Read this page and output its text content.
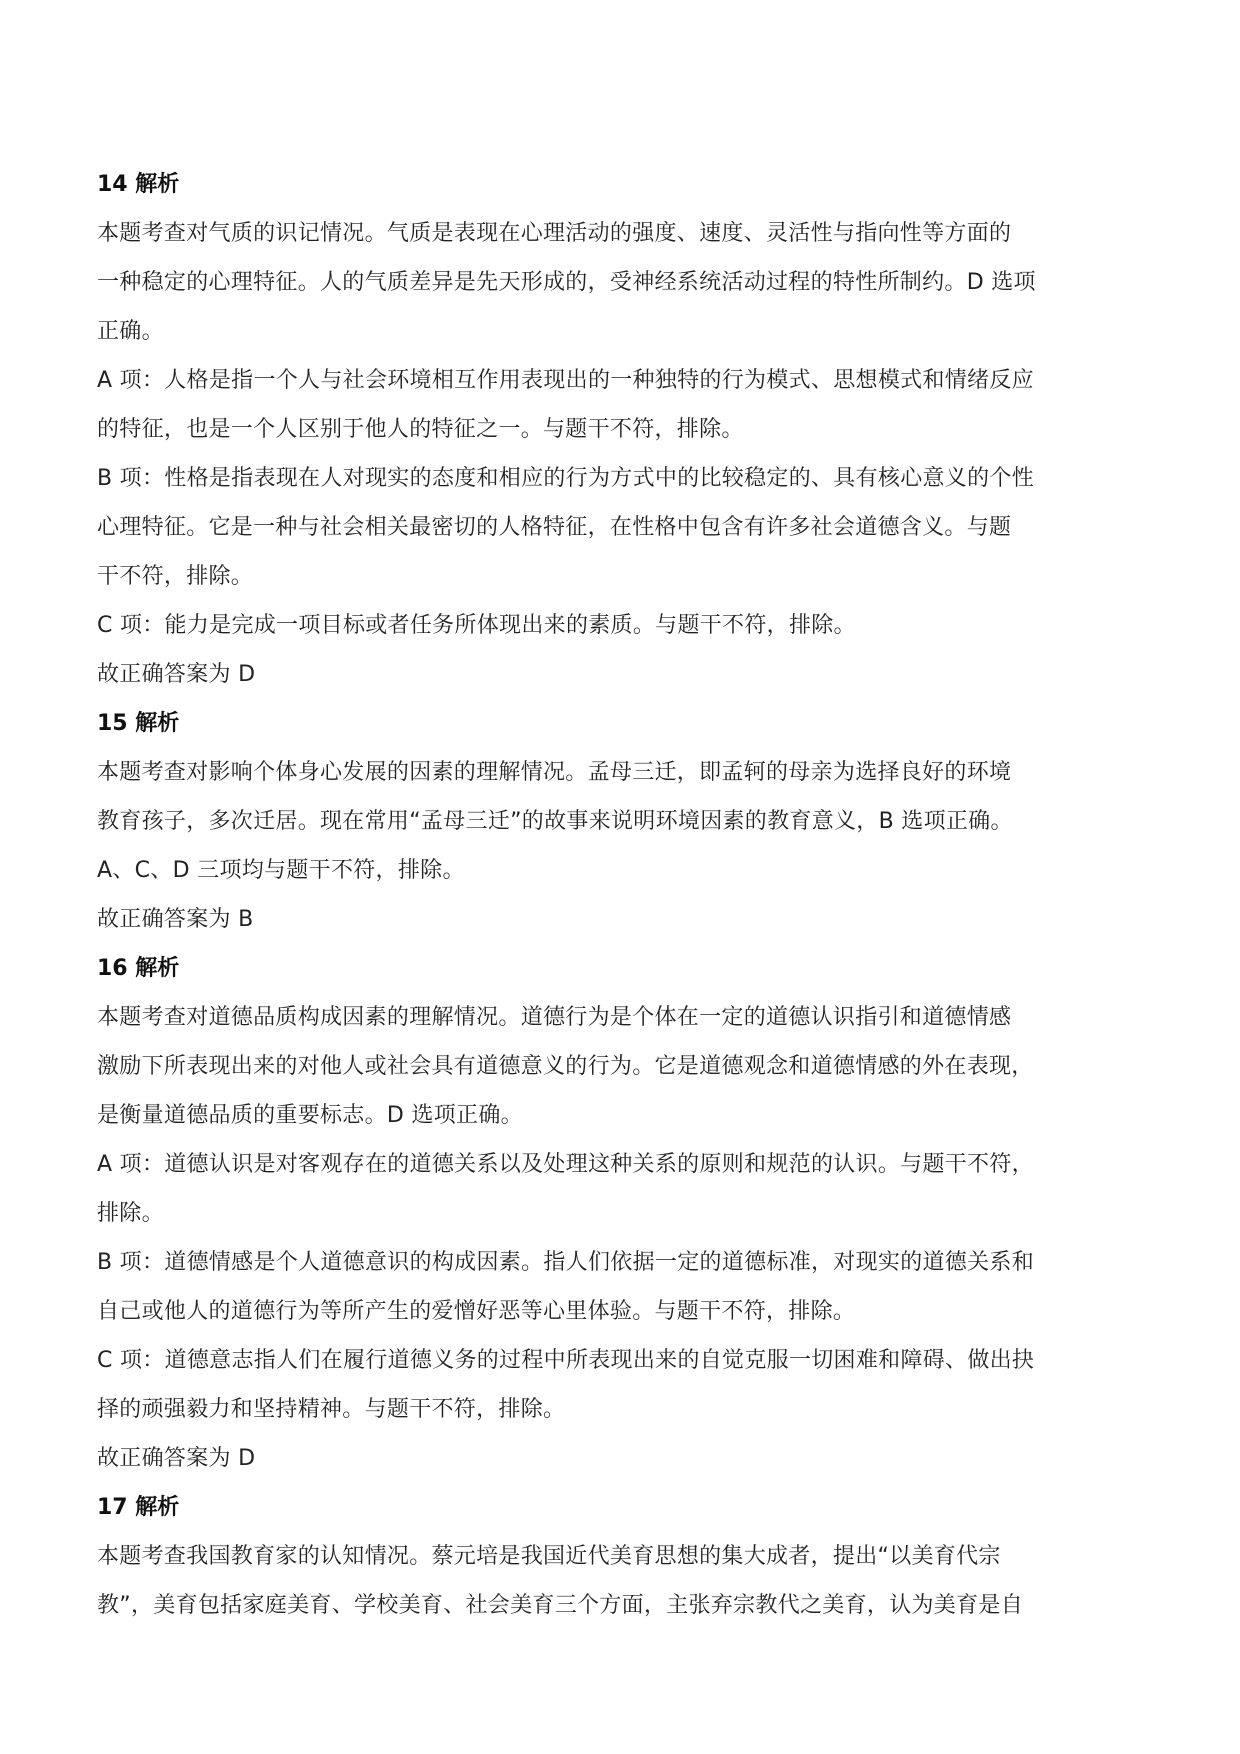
14 解析
本题考查对气质的识记情况。气质是表现在心理活动的强度、速度、灵活性与指向性等方面的
一种稳定的心理特征。人的气质差异是先天形成的，受神经系统活动过程的特性所制约。D 选项
正确。
A 项：人格是指一个人与社会环境相互作用表现出的一种独特的行为模式、思想模式和情绪反应
的特征，也是一个人区别于他人的特征之一。与题干不符，排除。
B 项：性格是指表现在人对现实的态度和相应的行为方式中的比较稳定的、具有核心意义的个性
心理特征。它是一种与社会相关最密切的人格特征，在性格中包含有许多社会道德含义。与题
干不符，排除。
C 项：能力是完成一项目标或者任务所体现出来的素质。与题干不符，排除。
故正确答案为 D
15 解析
本题考查对影响个体身心发展的因素的理解情况。孟母三迁，即孟轲的母亲为选择良好的环境
教育孩子，多次迁居。现在常用“孟母三迁”的故事来说明环境因素的教育意义，B 选项正确。
A、C、D 三项均与题干不符，排除。
故正确答案为 B
16 解析
本题考查对道德品质构成因素的理解情况。道德行为是个体在一定的道德认识指引和道德情感
激励下所表现出来的对他人或社会具有道德意义的行为。它是道德观念和道德情感的外在表现，
是衡量道德品质的重要标志。D 选项正确。
A 项：道德认识是对客观存在的道德关系以及处理这种关系的原则和规范的认识。与题干不符，
排除。
B 项：道德情感是个人道德意识的构成因素。指人们依据一定的道德标准，对现实的道德关系和
自己或他人的道德行为等所产生的爱憎好恶等心里体验。与题干不符，排除。
C 项：道德意志指人们在履行道德义务的过程中所表现出来的自觉克服一切困难和障碍、做出抉
择的顽强毅力和坚持精神。与题干不符，排除。
故正确答案为 D
17 解析
本题考查我国教育家的认知情况。蔡元培是我国近代美育思想的集大成者，提出“以美育代宗
教”，美育包括家庭美育、学校美育、社会美育三个方面，主张弃宗教代之美育，认为美育是自
